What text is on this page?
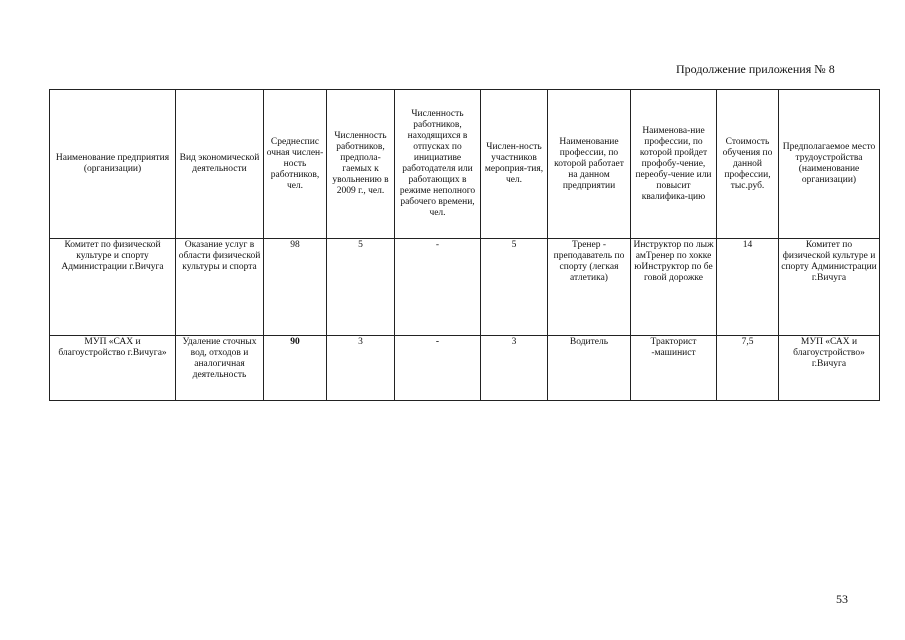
Продолжение приложения № 8
Наименование предприятия (организации)	Вид экономической деятельности	Среднеспис очная числен-ность работников, чел.	Численность работников, предпола-гаемых к увольнению в 2009 г., чел.	Численность работников, находящихся в отпусках по инициативе работодателя или работающих в режиме неполного рабочего времени, чел.	Числен-ность участников мероприя-тия, чел.	Наименование профессии, по которой работает на данном предприятии	Наименова-ние профессии, по которой пройдет профобу-чение, переобу-чение или повысит квалифика-цию	Стоимость обучения по данной профессии, тыс.руб.	Предполагаемое место трудоустройства (наименование организации)
Комитет по физической культуре и спорту Администрации г.Вичуга	Оказание услуг в области физической культуры и спорта	98	5	-	5	Тренер - преподаватель по спорту (легкая атлетика)	Инструктор по лыжамТренер по хоккеюИнструктор по беговой дорожке	14	Комитет по физической культуре и спорту Администрации г.Вичуга
МУП «САХ и благоустройство г.Вичуга»	Удаление сточных вод, отходов и аналогичная деятельность	90	3	-	3	Водитель	Тракторист -машинист	7,5	МУП «САХ и благоустройство» г.Вичуга
53
